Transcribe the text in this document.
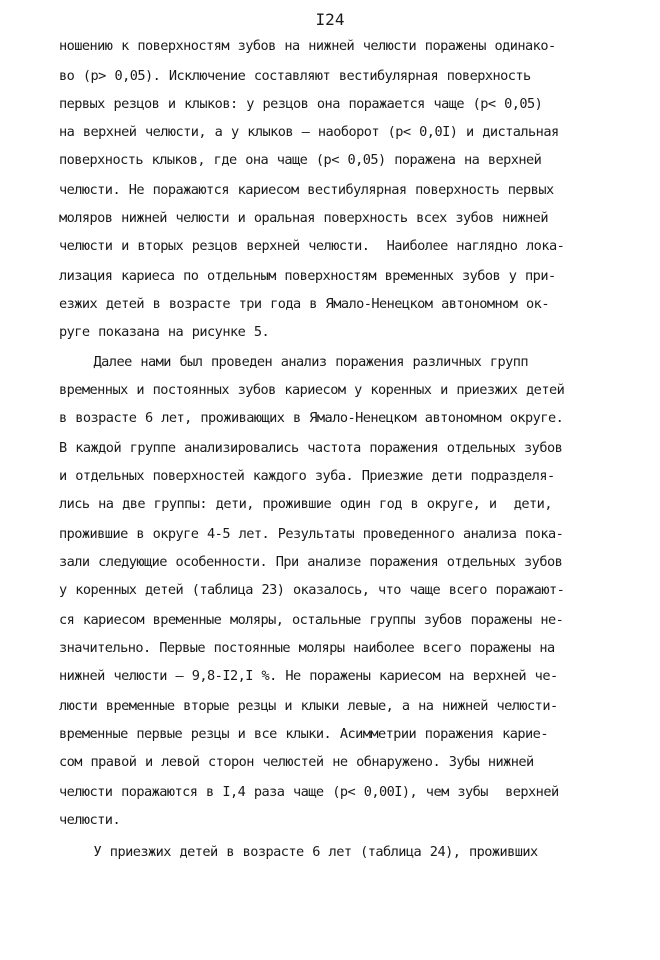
I24
ношению к поверхностям зубов на нижней челюсти поражены одинако-
во (p> 0,05). Исключение составляют вестибулярная поверхность
первых резцов и клыков: у резцов она поражается чаще (p< 0,05)
на верхней челюсти, а у клыков – наоборот (p< 0,0I) и дистальная
поверхность клыков, где она чаще (p< 0,05) поражена на верхней
челюсти. Не поражаются кариесом вестибулярная поверхность первых
моляров нижней челюсти и оральная поверхность всех зубов нижней
челюсти и вторых резцов верхней челюсти.  Наиболее наглядно лока-
лизация кариеса по отдельным поверхностям временных зубов у при-
езжих детей в возрасте три года в Ямало-Ненецком автономном ок-
руге показана на рисунке 5.
Далее нами был проведен анализ поражения различных групп
временных и постоянных зубов кариесом у коренных и приезжих детей
в возрасте 6 лет, проживающих в Ямало-Ненецком автономном округе.
В каждой группе анализировались частота поражения отдельных зубов
и отдельных поверхностей каждого зуба. Приезжие дети подразделя-
лись на две группы: дети, прожившие один год в округе, и  дети,
прожившие в округе 4-5 лет. Результаты проведенного анализа пока-
зали следующие особенности. При анализе поражения отдельных зубов
у коренных детей (таблица 23) оказалось, что чаще всего поражают-
ся кариесом временные моляры, остальные группы зубов поражены не-
значительно. Первые постоянные моляры наиболее всего поражены на
нижней челюсти – 9,8-I2,I %. Не поражены кариесом на верхней че-
люсти временные вторые резцы и клыки левые, а на нижней челюсти-
временные первые резцы и все клыки. Асимметрии поражения карие-
сом правой и левой сторон челюстей не обнаружено. Зубы нижней
челюсти поражаются в I,4 раза чаще (p< 0,00I), чем зубы  верхней
челюсти.
У приезжих детей в возрасте 6 лет (таблица 24), проживших
